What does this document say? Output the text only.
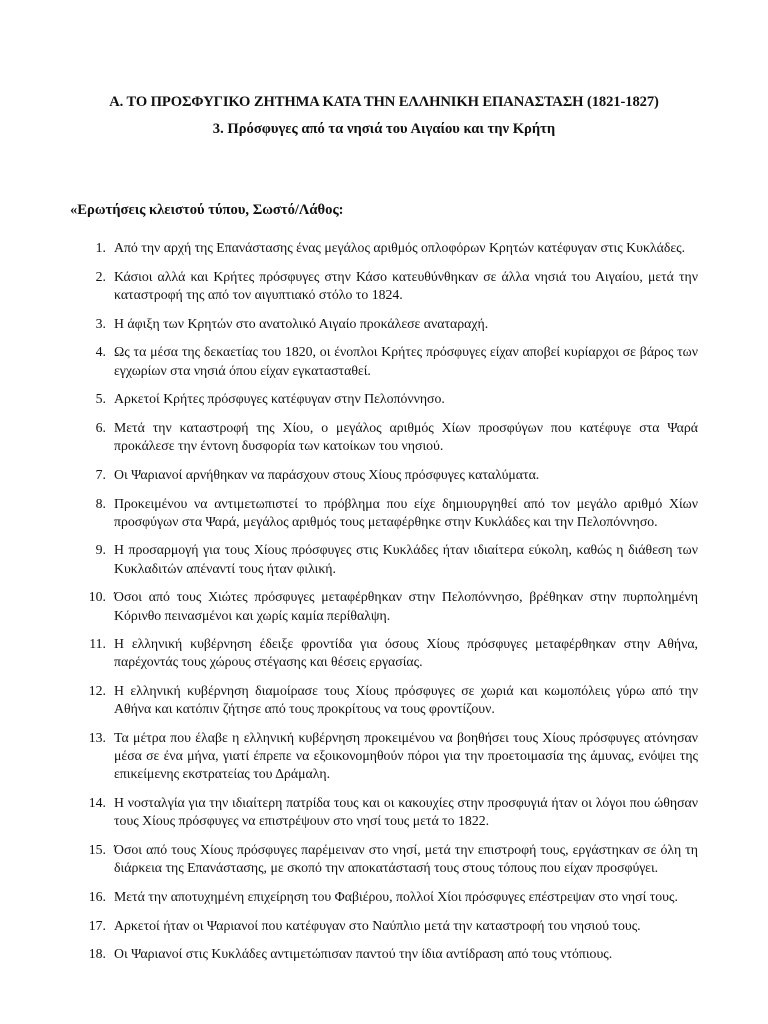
Α. ΤΟ ΠΡΟΣΦΥΓΙΚΟ ΖΗΤΗΜΑ ΚΑΤΑ ΤΗΝ ΕΛΛΗΝΙΚΗ ΕΠΑΝΑΣΤΑΣΗ (1821-1827)
3. Πρόσφυγες από τα νησιά του Αιγαίου και την Κρήτη

«Ερωτήσεις κλειστού τύπου, Σωστό/Λάθος:

1. Από την αρχή της Επανάστασης ένας μεγάλος αριθμός οπλοφόρων Κρητών κατέφυγαν στις Κυκλάδες.
2. Κάσιοι αλλά και Κρήτες πρόσφυγες στην Κάσο κατευθύνθηκαν σε άλλα νησιά του Αιγαίου, μετά την καταστροφή της από τον αιγυπτιακό στόλο το 1824.
3. Η άφιξη των Κρητών στο ανατολικό Αιγαίο προκάλεσε αναταραχή.
4. Ως τα μέσα της δεκαετίας του 1820, οι ένοπλοι Κρήτες πρόσφυγες είχαν αποβεί κυρίαρχοι σε βάρος των εγχωρίων στα νησιά όπου είχαν εγκατασταθεί.
5. Αρκετοί Κρήτες πρόσφυγες κατέφυγαν στην Πελοπόννησο.
6. Μετά την καταστροφή της Χίου, ο μεγάλος αριθμός Χίων προσφύγων που κατέφυγε στα Ψαρά προκάλεσε την έντονη δυσφορία των κατοίκων του νησιού.
7. Οι Ψαριανοί αρνήθηκαν να παράσχουν στους Χίους πρόσφυγες καταλύματα.
8. Προκειμένου να αντιμετωπιστεί το πρόβλημα που είχε δημιουργηθεί από τον μεγάλο αριθμό Χίων προσφύγων στα Ψαρά, μεγάλος αριθμός τους μεταφέρθηκε στην Κυκλάδες και την Πελοπόννησο.
9. Η προσαρμογή για τους Χίους πρόσφυγες στις Κυκλάδες ήταν ιδιαίτερα εύκολη, καθώς η διάθεση των Κυκλαδιτών απέναντί τους ήταν φιλική.
10. Όσοι από τους Χιώτες πρόσφυγες μεταφέρθηκαν στην Πελοπόννησο, βρέθηκαν στην πυρπολημένη Κόρινθο πεινασμένοι και χωρίς καμία περίθαλψη.
11. Η ελληνική κυβέρνηση έδειξε φροντίδα για όσους Χίους πρόσφυγες μεταφέρθηκαν στην Αθήνα, παρέχοντάς τους χώρους στέγασης και θέσεις εργασίας.
12. Η ελληνική κυβέρνηση διαμοίρασε τους Χίους πρόσφυγες σε χωριά και κωμοπόλεις γύρω από την Αθήνα και κατόπιν ζήτησε από τους προκρίτους να τους φροντίζουν.
13. Τα μέτρα που έλαβε η ελληνική κυβέρνηση προκειμένου να βοηθήσει τους Χίους πρόσφυγες ατόνησαν μέσα σε ένα μήνα, γιατί έπρεπε να εξοικονομηθούν πόροι για την προετοιμασία της άμυνας, ενόψει της επικείμενης εκστρατείας του Δράμαλη.
14. Η νοσταλγία για την ιδιαίτερη πατρίδα τους και οι κακουχίες στην προσφυγιά ήταν οι λόγοι που ώθησαν τους Χίους πρόσφυγες να επιστρέψουν στο νησί τους μετά το 1822.
15. Όσοι από τους Χίους πρόσφυγες παρέμειναν στο νησί, μετά την επιστροφή τους, εργάστηκαν σε όλη τη διάρκεια της Επανάστασης, με σκοπό την αποκατάστασή τους στους τόπους που είχαν προσφύγει.
16. Μετά την αποτυχημένη επιχείρηση του Φαβιέρου, πολλοί Χίοι πρόσφυγες επέστρεψαν στο νησί τους.
17. Αρκετοί ήταν οι Ψαριανοί που κατέφυγαν στο Ναύπλιο μετά την καταστροφή του νησιού τους.
18. Οι Ψαριανοί στις Κυκλάδες αντιμετώπισαν παντού την ίδια αντίδραση από τους ντόπιους.
